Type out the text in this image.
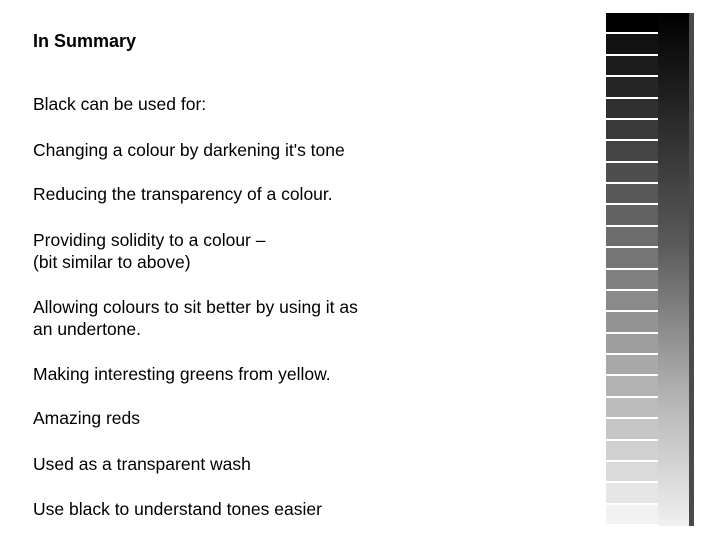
In Summary

Black can be used for:

Changing a colour by darkening it's tone

Reducing the transparency of a colour.

Providing solidity to a colour –

(bit similar to above)

Allowing colours to sit better by using it as

an undertone.

Making interesting greens from yellow.

Amazing reds

Used as a transparent wash

Use black to understand tones easier
